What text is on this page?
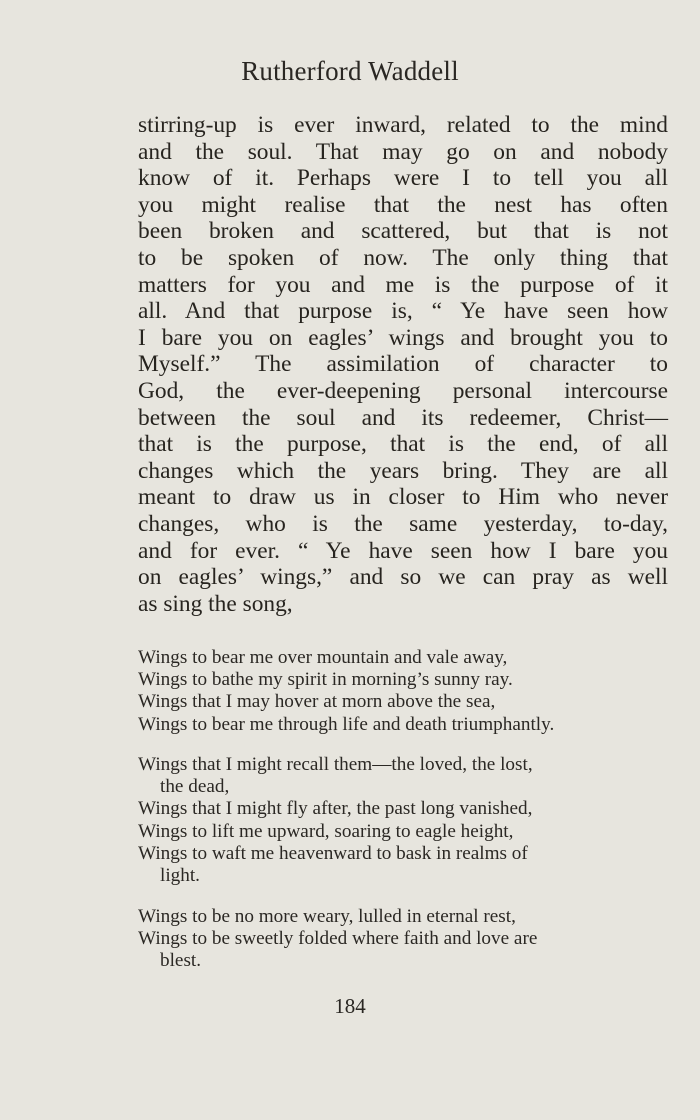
Rutherford Waddell
stirring-up is ever inward, related to the mind
and the soul. That may go on and nobody
know of it. Perhaps were I to tell you all
you might realise that the nest has often
been broken and scattered, but that is not
to be spoken of now. The only thing that
matters for you and me is the purpose of it
all. And that purpose is, “ Ye have seen how
I bare you on eagles’ wings and brought you to
Myself.” The assimilation of character to
God, the ever-deepening personal intercourse
between the soul and its redeemer, Christ—
that is the purpose, that is the end, of all
changes which the years bring. They are all
meant to draw us in closer to Him who never
changes, who is the same yesterday, to-day,
and for ever. “ Ye have seen how I bare you
on eagles’ wings,” and so we can pray as well
as sing the song,
Wings to bear me over mountain and vale away,
Wings to bathe my spirit in morning’s sunny ray.
Wings that I may hover at morn above the sea,
Wings to bear me through life and death triumphantly.
Wings that I might recall them—the loved, the lost,
the dead,
Wings that I might fly after, the past long vanished,
Wings to lift me upward, soaring to eagle height,
Wings to waft me heavenward to bask in realms of
light.
Wings to be no more weary, lulled in eternal rest,
Wings to be sweetly folded where faith and love are
blest.
184
